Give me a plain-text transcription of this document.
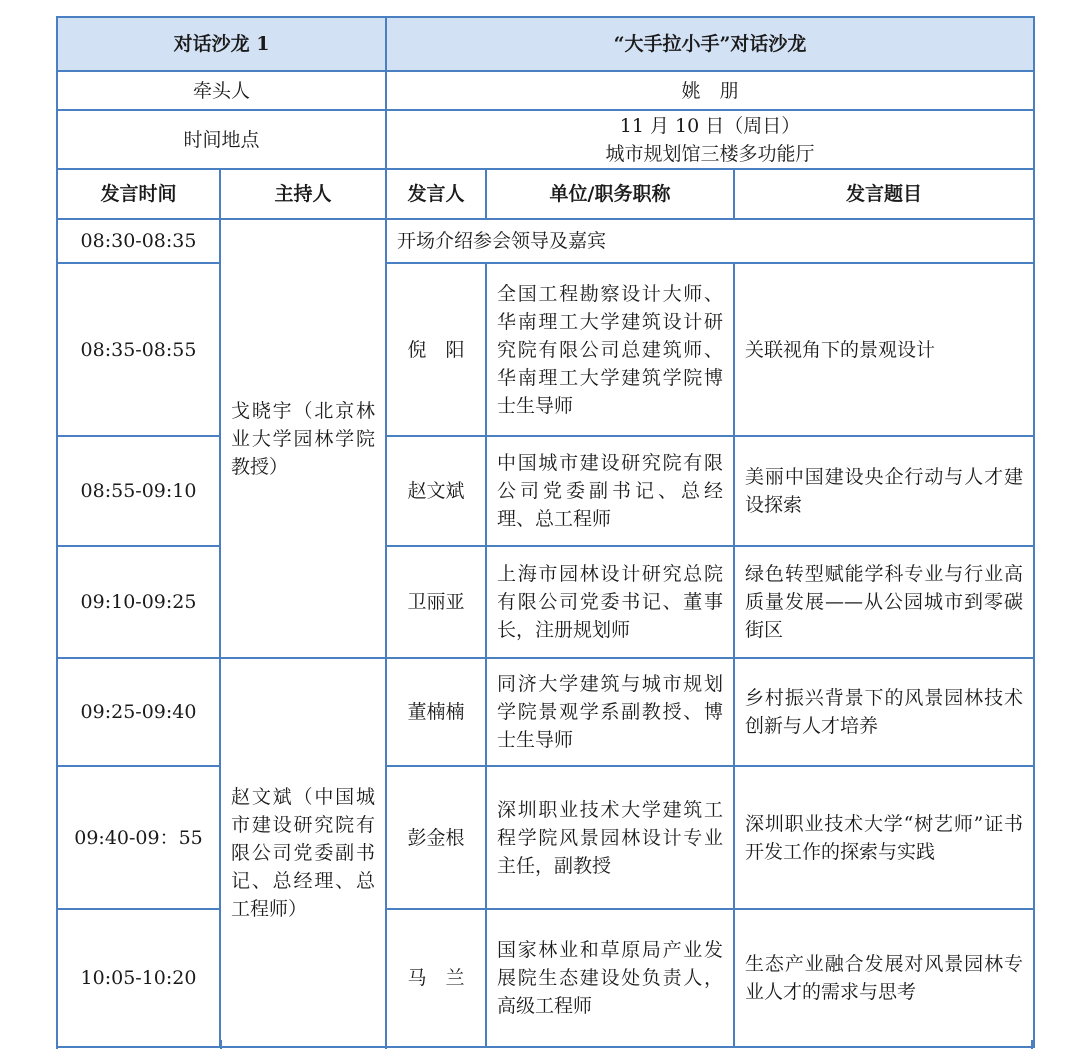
对话沙龙 1		“大手拉小手”对话沙龙		
牵头人		姚　朋		
时间地点		11 月 10 日（周日）
城市规划馆三楼多功能厅		

发言时间	主持人	发言人	单位/职务职称	发言题目
08:30-08:35	戈晓宇（北京林业大学园林学院教授）	开场介绍参会领导及嘉宾		
08:35-08:55		倪　阳	全国工程勘察设计大师、华南理工大学建筑设计研究院有限公司总建筑师、华南理工大学建筑学院博士生导师	关联视角下的景观设计
08:55-09:10		赵文斌	中国城市建设研究院有限公司党委副书记、总经理、总工程师	美丽中国建设央企行动与人才建设探索
09:10-09:25		卫丽亚	上海市园林设计研究总院有限公司党委书记、董事长，注册规划师	绿色转型赋能学科专业与行业高质量发展——从公园城市到零碳街区
09:25-09:40	赵文斌（中国城市建设研究院有限公司党委副书记、总经理、总工程师）	董楠楠	同济大学建筑与城市规划学院景观学系副教授、博士生导师	乡村振兴背景下的风景园林技术创新与人才培养
09:40-09：55		彭金根	深圳职业技术大学建筑工程学院风景园林设计专业主任，副教授	深圳职业技术大学“树艺师”证书开发工作的探索与实践
10:05-10:20		马　兰	国家林业和草原局产业发展院生态建设处负责人， 高级工程师	生态产业融合发展对风景园林专业人才的需求与思考
